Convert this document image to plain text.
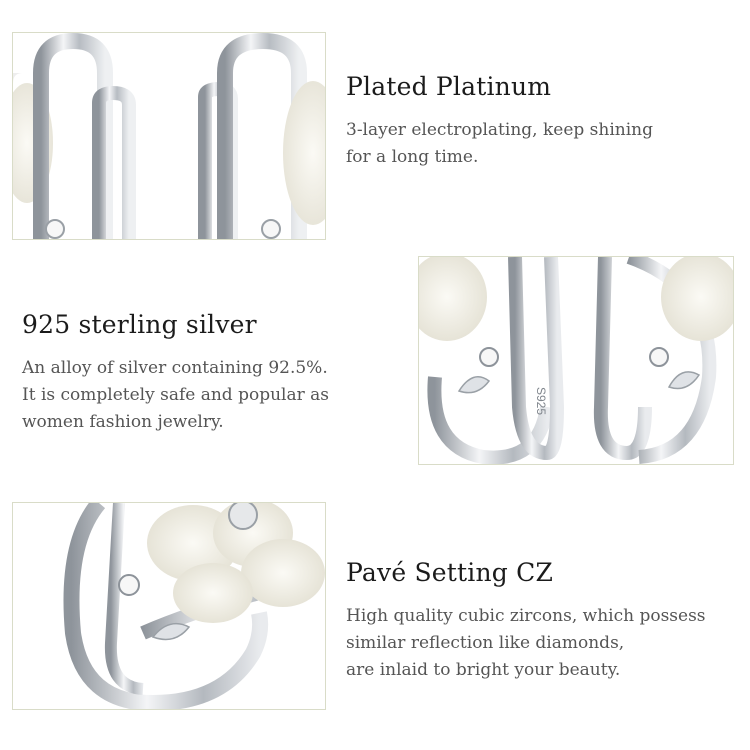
Plated Platinum

3-layer electroplating, keep shining
for a long time.

925 sterling silver

An alloy of silver containing 92.5%.
It is completely safe and popular as
women fashion jewelry.

S925
Pavé Setting CZ

High quality cubic zircons, which possess
similar reflection like diamonds,
are inlaid to bright your beauty.
